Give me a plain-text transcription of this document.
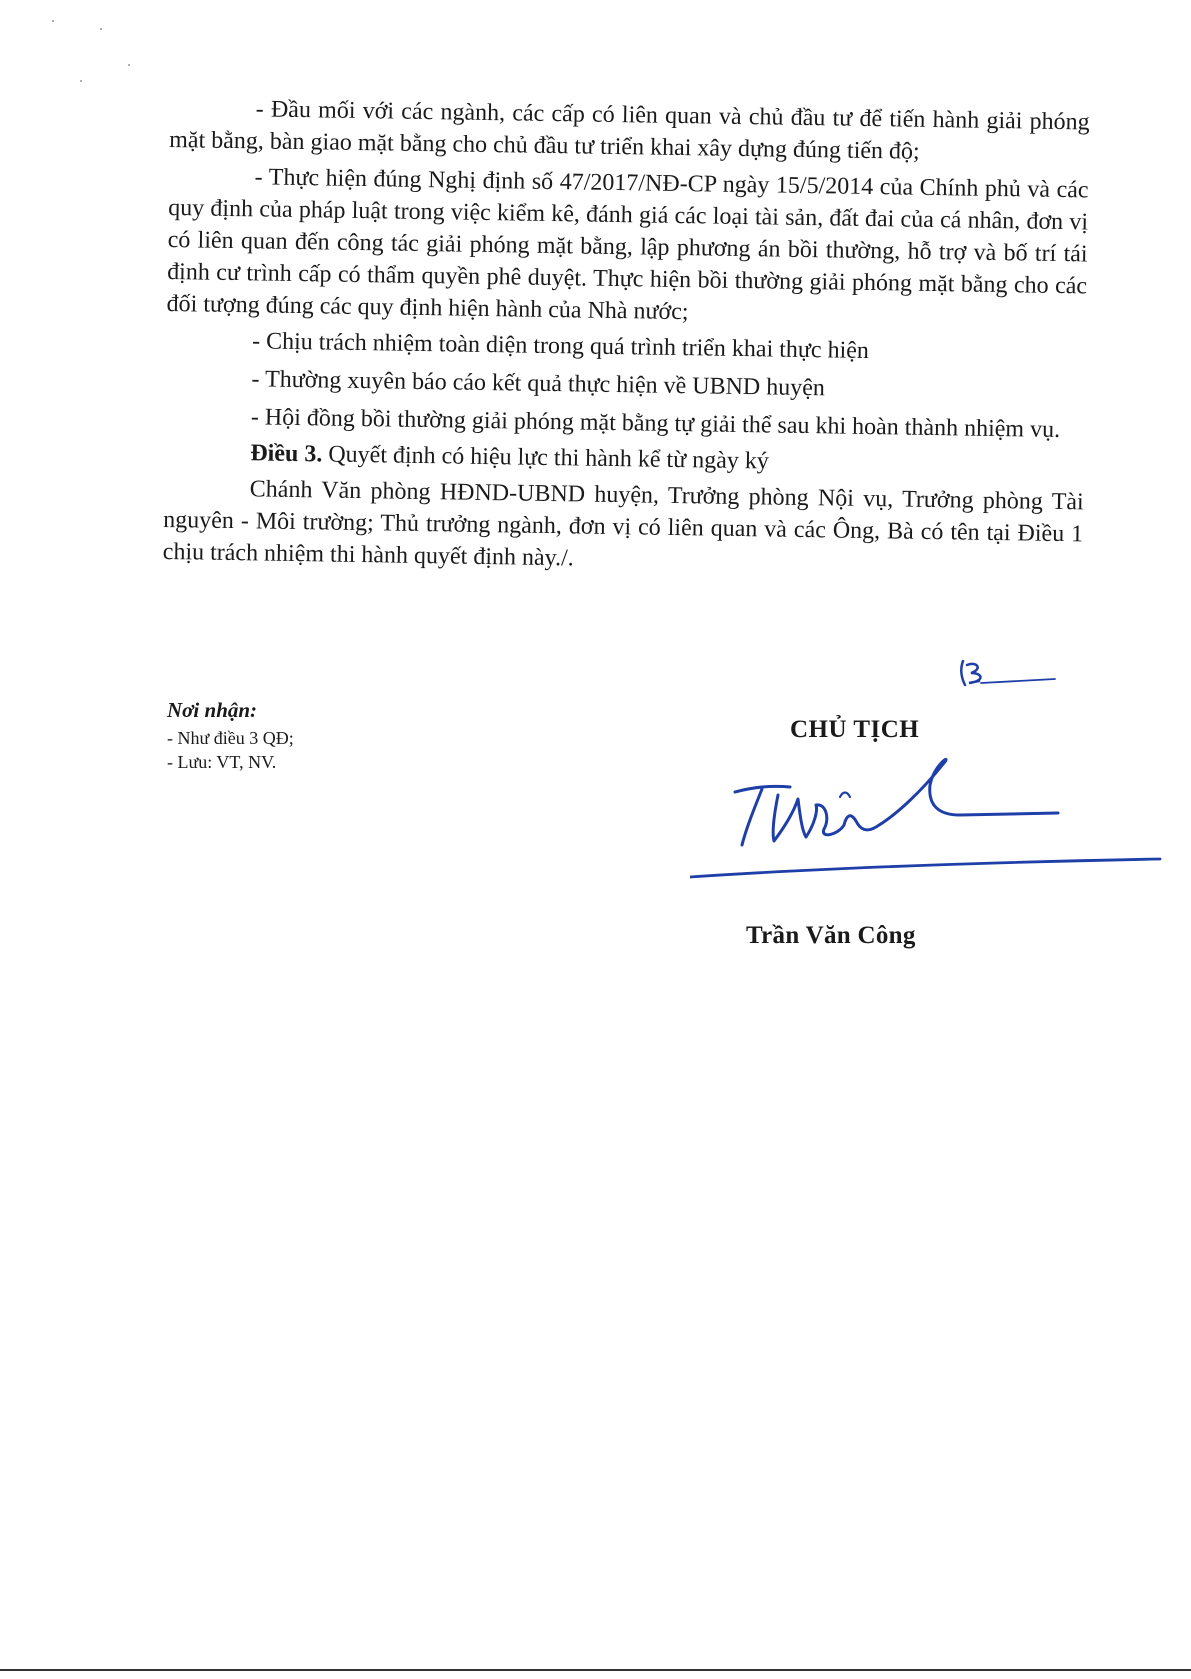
- Đầu mối với các ngành, các cấp có liên quan và chủ đầu tư để tiến hành giải phóng mặt bằng, bàn giao mặt bằng cho chủ đầu tư triển khai xây dựng đúng tiến độ;

- Thực hiện đúng Nghị định số 47/2017/NĐ-CP ngày 15/5/2014 của Chính phủ và các quy định của pháp luật trong việc kiểm kê, đánh giá các loại tài sản, đất đai của cá nhân, đơn vị có liên quan đến công tác giải phóng mặt bằng, lập phương án bồi thường, hỗ trợ và bố trí tái định cư trình cấp có thẩm quyền phê duyệt. Thực hiện bồi thường giải phóng mặt bằng cho các đối tượng đúng các quy định hiện hành của Nhà nước;

- Chịu trách nhiệm toàn diện trong quá trình triển khai thực hiện

- Thường xuyên báo cáo kết quả thực hiện về UBND huyện

- Hội đồng bồi thường giải phóng mặt bằng tự giải thể sau khi hoàn thành nhiệm vụ.

Điều 3. Quyết định có hiệu lực thi hành kể từ ngày ký

Chánh Văn phòng HĐND-UBND huyện, Trưởng phòng Nội vụ, Trưởng phòng Tài nguyên - Môi trường; Thủ trưởng ngành, đơn vị có liên quan và các Ông, Bà có tên tại Điều 1 chịu trách nhiệm thi hành quyết định này./.

Nơi nhận:
- Như điều 3 QĐ;
- Lưu: VT, NV.
CHỦ TỊCH
Trần Văn Công
